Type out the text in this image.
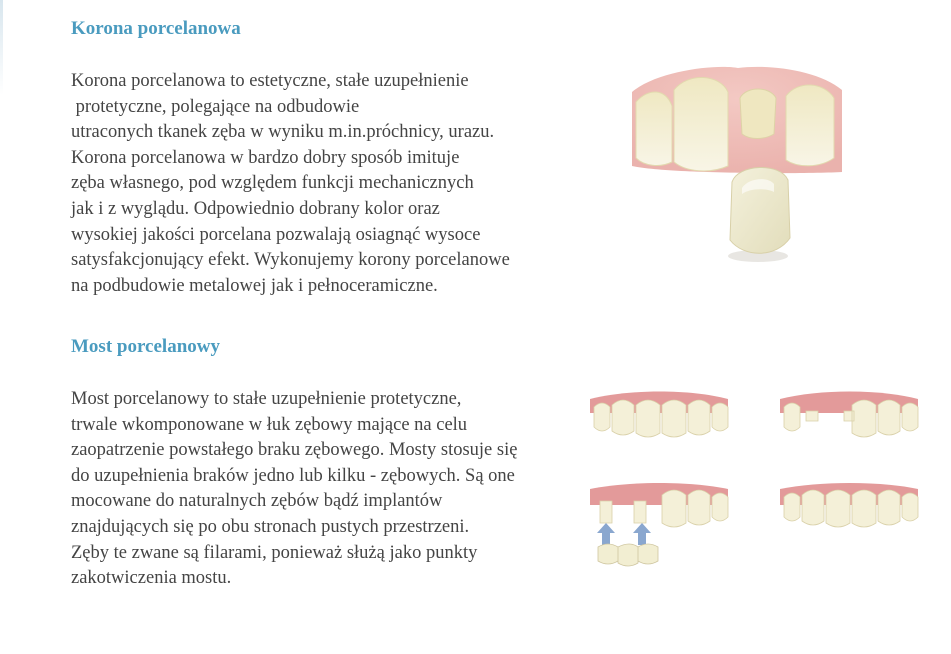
Korona porcelanowa

Korona porcelanowa to estetyczne, stałe uzupełnienie
protetyczne, polegające na odbudowie
utraconych tkanek zęba w wyniku m.in.próchnicy, urazu.
Korona porcelanowa w bardzo dobry sposób imituje
zęba własnego, pod względem funkcji mechanicznych
jak i z wyglądu. Odpowiednio dobrany kolor oraz
wysokiej jakości porcelana pozwalają osiagnąć wysoce
satysfakcjonujący efekt. Wykonujemy korony porcelanowe
na podbudowie metalowej jak i pełnoceramiczne.

Most porcelanowy

Most porcelanowy to stałe uzupełnienie protetyczne,
trwale wkomponowane w łuk zębowy mające na celu
zaopatrzenie powstałego braku zębowego. Mosty stosuje się
do uzupełnienia braków jedno lub kilku - zębowych. Są one
mocowane do naturalnych zębów bądź implantów
znajdujących się po obu stronach pustych przestrzeni.
Zęby te zwane są filarami, ponieważ służą jako punkty
zakotwiczenia mostu.
